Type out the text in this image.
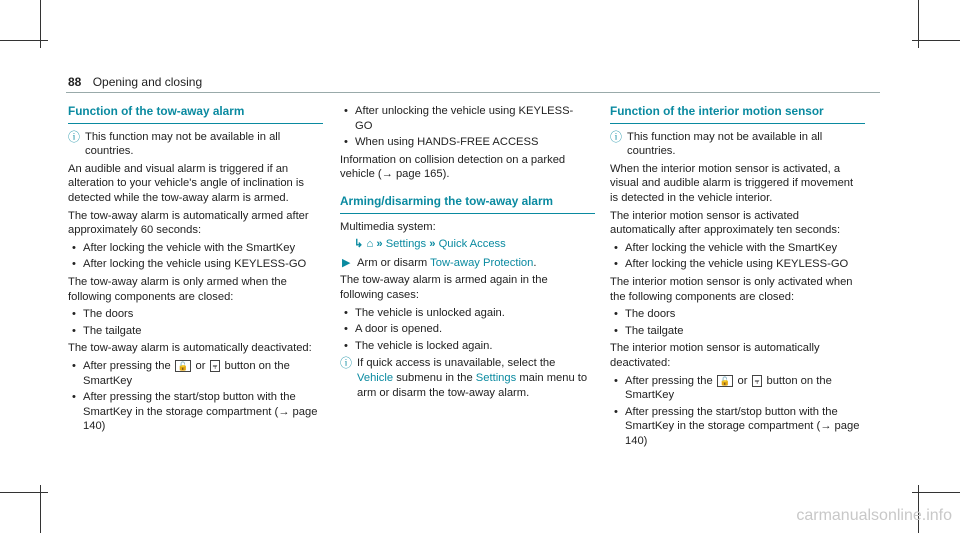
88 Opening and closing
Function of the tow-away alarm
ⓘ This function may not be available in all countries.

An audible and visual alarm is triggered if an alteration to your vehicle's angle of inclination is detected while the tow-away alarm is armed.

The tow-away alarm is automatically armed after approximately 60 seconds:

• After locking the vehicle with the SmartKey
• After locking the vehicle using KEYLESS-GO

The tow-away alarm is only armed when the following components are closed:

• The doors
• The tailgate

The tow-away alarm is automatically deactivated:

• After pressing the 🔓 or ⫧ button on the SmartKey
• After pressing the start/stop button with the SmartKey in the storage compartment (→ page 140)
• After unlocking the vehicle using KEYLESS-GO
• When using HANDS-FREE ACCESS

Information on collision detection on a parked vehicle (→ page 165).

Arming/disarming the tow-away alarm

Multimedia system:

↳ ⌂ » Settings » Quick Access
▶ Arm or disarm Tow-away Protection.

The tow-away alarm is armed again in the following cases:

• The vehicle is unlocked again.
• A door is opened.
• The vehicle is locked again.
ⓘ If quick access is unavailable, select the Vehicle submenu in the Settings main menu to arm or disarm the tow-away alarm.
Function of the interior motion sensor
ⓘ This function may not be available in all countries.

When the interior motion sensor is activated, a visual and audible alarm is triggered if movement is detected in the vehicle interior.

The interior motion sensor is activated automatically after approximately ten seconds:

• After locking the vehicle with the SmartKey
• After locking the vehicle using KEYLESS-GO

The interior motion sensor is only activated when the following components are closed:

• The doors
• The tailgate

The interior motion sensor is automatically deactivated:

• After pressing the 🔓 or ⫧ button on the SmartKey
• After pressing the start/stop button with the SmartKey in the storage compartment (→ page 140)
carmanualsonline.info
